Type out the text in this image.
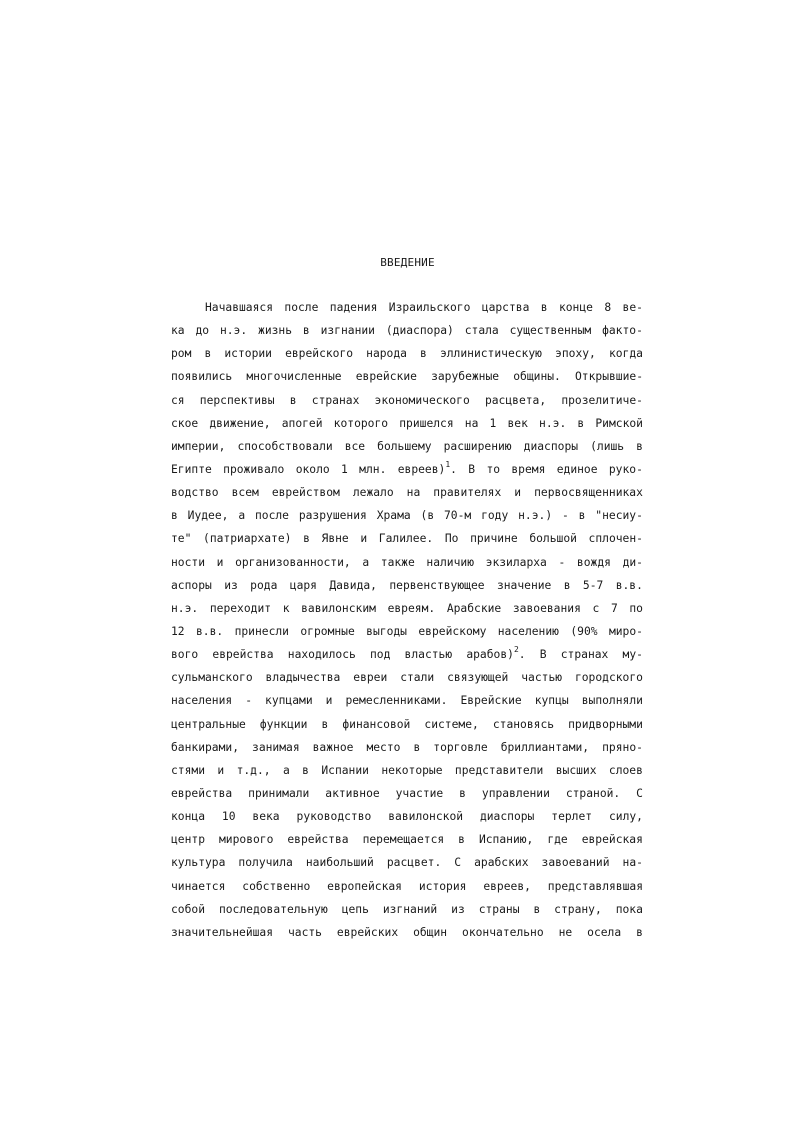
ВВЕДЕНИЕ
Начавшаяся после падения Израильского царства в конце 8 ве-
ка до н.э. жизнь в изгнании (диаспора) стала существенным факто-
ром в истории еврейского народа в эллинистическую эпоху, когда
появились многочисленные еврейские зарубежные общины. Открывшие-
ся перспективы в странах экономического расцвета, прозелитиче-
ское движение, апогей которого пришелся на 1 век н.э. в Римской
империи, способствовали все большему расширению диаспоры (лишь в
Египте проживало около 1 млн. евреев)$^1$. В то время единое руко-
водство всем еврейством лежало на правителях и первосвященниках
в Иудее, а после разрушения Храма (в 70-м году н.э.) - в "несиу-
те" (патриархате) в Явне и Галилее. По причине большой сплочен-
ности и организованности, а также наличию экзиларха - вождя ди-
аспоры из рода царя Давида, первенствующее значение в 5-7 в.в.
н.э. переходит к вавилонским евреям. Арабские завоевания с 7 по
12 в.в. принесли огромные выгоды еврейскому населению (90% миро-
вого еврейства находилось под властью арабов)$^2$. В странах му-
сульманского владычества евреи стали связующей частью городского
населения - купцами и ремесленниками. Еврейские купцы выполняли
центральные функции в финансовой системе, становясь придворными
банкирами, занимая важное место в торговле бриллиантами, пряно-
стями и т.д., а в Испании некоторые представители высших слоев
еврейства принимали активное участие в управлении страной. С
конца 10 века руководство вавилонской диаспоры терлет силу,
центр мирового еврейства перемещается в Испанию, где еврейская
культура получила наибольший расцвет. С арабских завоеваний на-
чинается собственно европейская история евреев, представлявшая
собой последовательную цепь изгнаний из страны в страну, пока
значительнейшая часть еврейских общин окончательно не осела в
